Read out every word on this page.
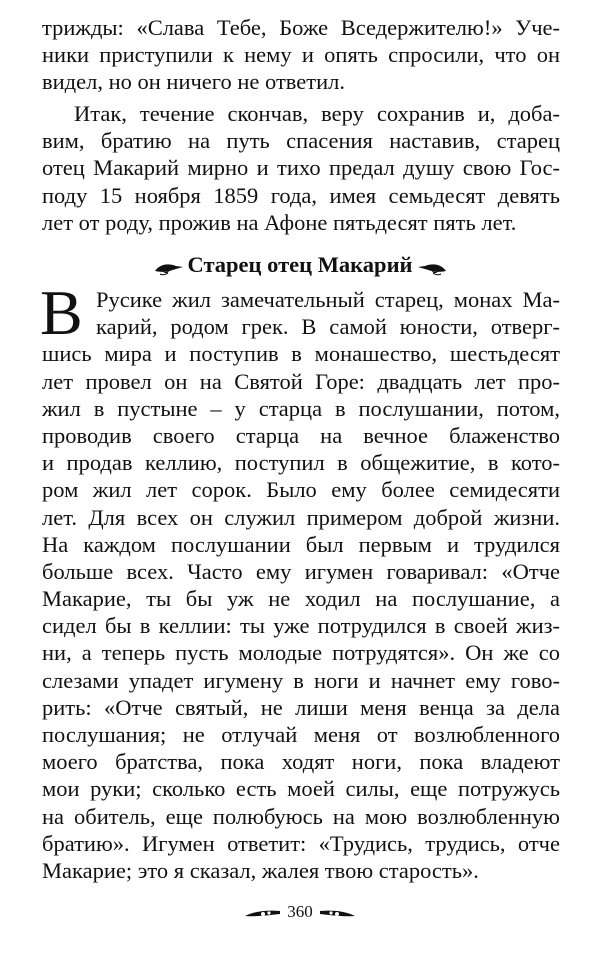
трижды: «Слава Тебе, Боже Вседержителю!» Уче-
ники приступили к нему и опять спросили, что он
видел, но он ничего не ответил.
Итак, течение скончав, веру сохранив и, доба-
вим, братию на путь спасения наставив, старец
отец Макарий мирно и тихо предал душу свою Гос-
поду 15 ноября 1859 года, имея семьдесят девять
лет от роду, прожив на Афоне пятьдесят пять лет.
Старец отец Макарий
В Русике жил замечательный старец, монах Ма-
карий, родом грек. В самой юности, отверг-
шись мира и поступив в монашество, шестьдесят
лет провел он на Святой Горе: двадцать лет про-
жил в пустыне – у старца в послушании, потом,
проводив своего старца на вечное блаженство
и продав келлию, поступил в общежитие, в кото-
ром жил лет сорок. Было ему более семидесяти
лет. Для всех он служил примером доброй жизни.
На каждом послушании был первым и трудился
больше всех. Часто ему игумен говаривал: «Отче
Макарие, ты бы уж не ходил на послушание, а
сидел бы в келлии: ты уже потрудился в своей жиз-
ни, а теперь пусть молодые потрудятся». Он же со
слезами упадет игумену в ноги и начнет ему гово-
рить: «Отче святый, не лиши меня венца за дела
послушания; не отлучай меня от возлюбленного
моего братства, пока ходят ноги, пока владеют
мои руки; сколько есть моей силы, еще потружусь
на обитель, еще полюбуюсь на мою возлюбленную
братию». Игумен ответит: «Трудись, трудись, отче
Макарие; это я сказал, жалея твою старость».
360
